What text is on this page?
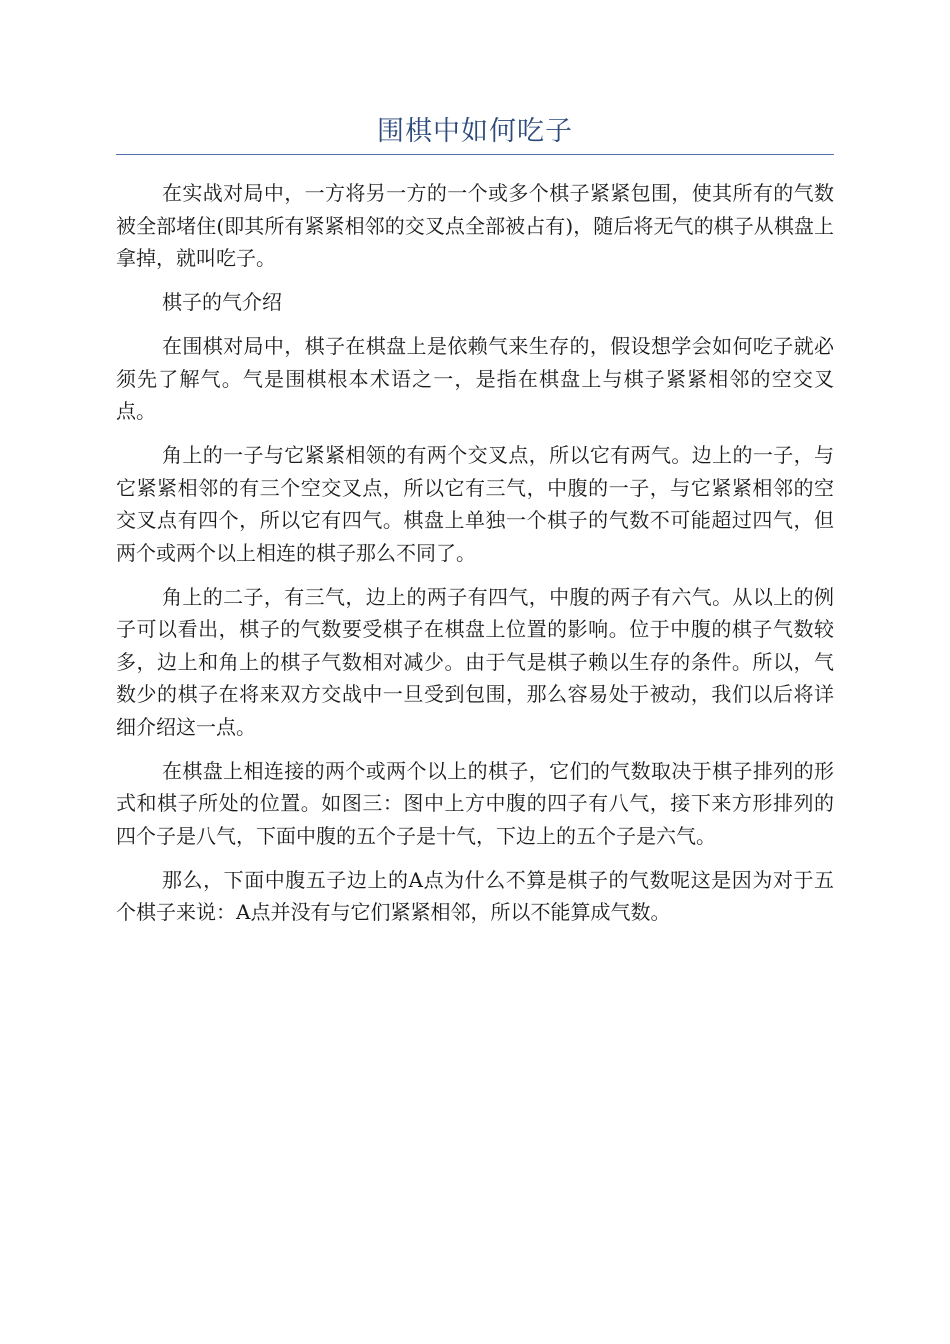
围棋中如何吃子

在实战对局中，一方将另一方的一个或多个棋子紧紧包围，使其所有的气数被全部堵住(即其所有紧紧相邻的交叉点全部被占有)，随后将无气的棋子从棋盘上拿掉，就叫吃子。

棋子的气介绍

在围棋对局中，棋子在棋盘上是依赖气来生存的，假设想学会如何吃子就必须先了解气。气是围棋根本术语之一，是指在棋盘上与棋子紧紧相邻的空交叉点。

角上的一子与它紧紧相领的有两个交叉点，所以它有两气。边上的一子，与它紧紧相邻的有三个空交叉点，所以它有三气，中腹的一子，与它紧紧相邻的空交叉点有四个，所以它有四气。棋盘上单独一个棋子的气数不可能超过四气，但两个或两个以上相连的棋子那么不同了。

角上的二子，有三气，边上的两子有四气，中腹的两子有六气。从以上的例子可以看出，棋子的气数要受棋子在棋盘上位置的影响。位于中腹的棋子气数较多，边上和角上的棋子气数相对减少。由于气是棋子赖以生存的条件。所以，气数少的棋子在将来双方交战中一旦受到包围，那么容易处于被动，我们以后将详细介绍这一点。

在棋盘上相连接的两个或两个以上的棋子，它们的气数取决于棋子排列的形式和棋子所处的位置。如图三：图中上方中腹的四子有八气，接下来方形排列的四个子是八气，下面中腹的五个子是十气，下边上的五个子是六气。

那么，下面中腹五子边上的A点为什么不算是棋子的气数呢这是因为对于五个棋子来说：A点并没有与它们紧紧相邻，所以不能算成气数。
